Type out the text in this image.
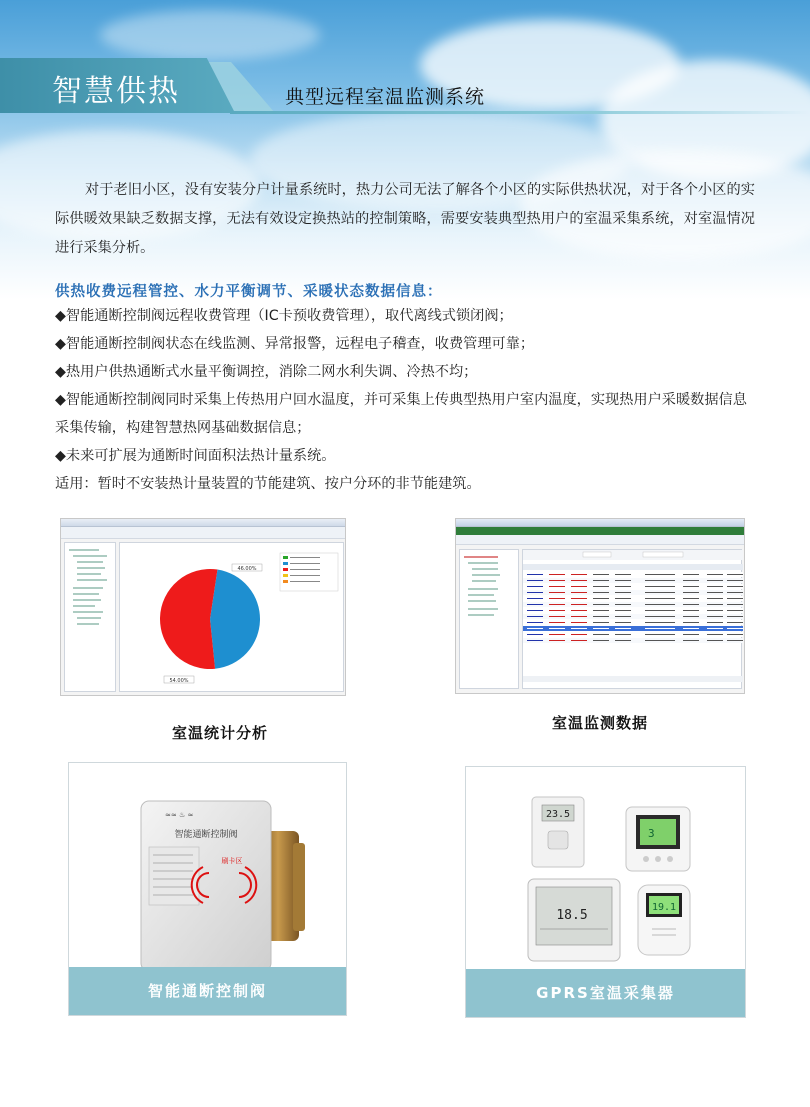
智慧供热	典型远程室温监测系统

对于老旧小区，没有安装分户计量系统时，热力公司无法了解各个小区的实际供热状况，对于各个小区的实际供暖效果缺乏数据支撑，无法有效设定换热站的控制策略，需要安装典型热用户的室温采集系统，对室温情况进行采集分析。

供热收费远程管控、水力平衡调节、采暖状态数据信息：
◆智能通断控制阀远程收费管理（IC卡预收费管理），取代离线式锁闭阀；
◆智能通断控制阀状态在线监测、异常报警，远程电子稽查，收费管理可靠；
◆热用户供热通断式水量平衡调控，消除二网水利失调、冷热不均；
◆智能通断控制阀同时采集上传热用户回水温度，并可采集上传典型热用户室内温度，实现热用户采暖数据信息采集传输，构建智慧热网基础数据信息；
◆未来可扩展为通断时间面积法热计量系统。
适用：暂时不安装热计量装置的节能建筑、按户分环的非节能建筑。
46.00%
54.00%
室温统计分析
室温监测数据
≈≈ ♨ ≈
智能通断控制阀
刷卡区
智能通断控制阀
23.5
3
18.5
19.1
GPRS室温采集器
